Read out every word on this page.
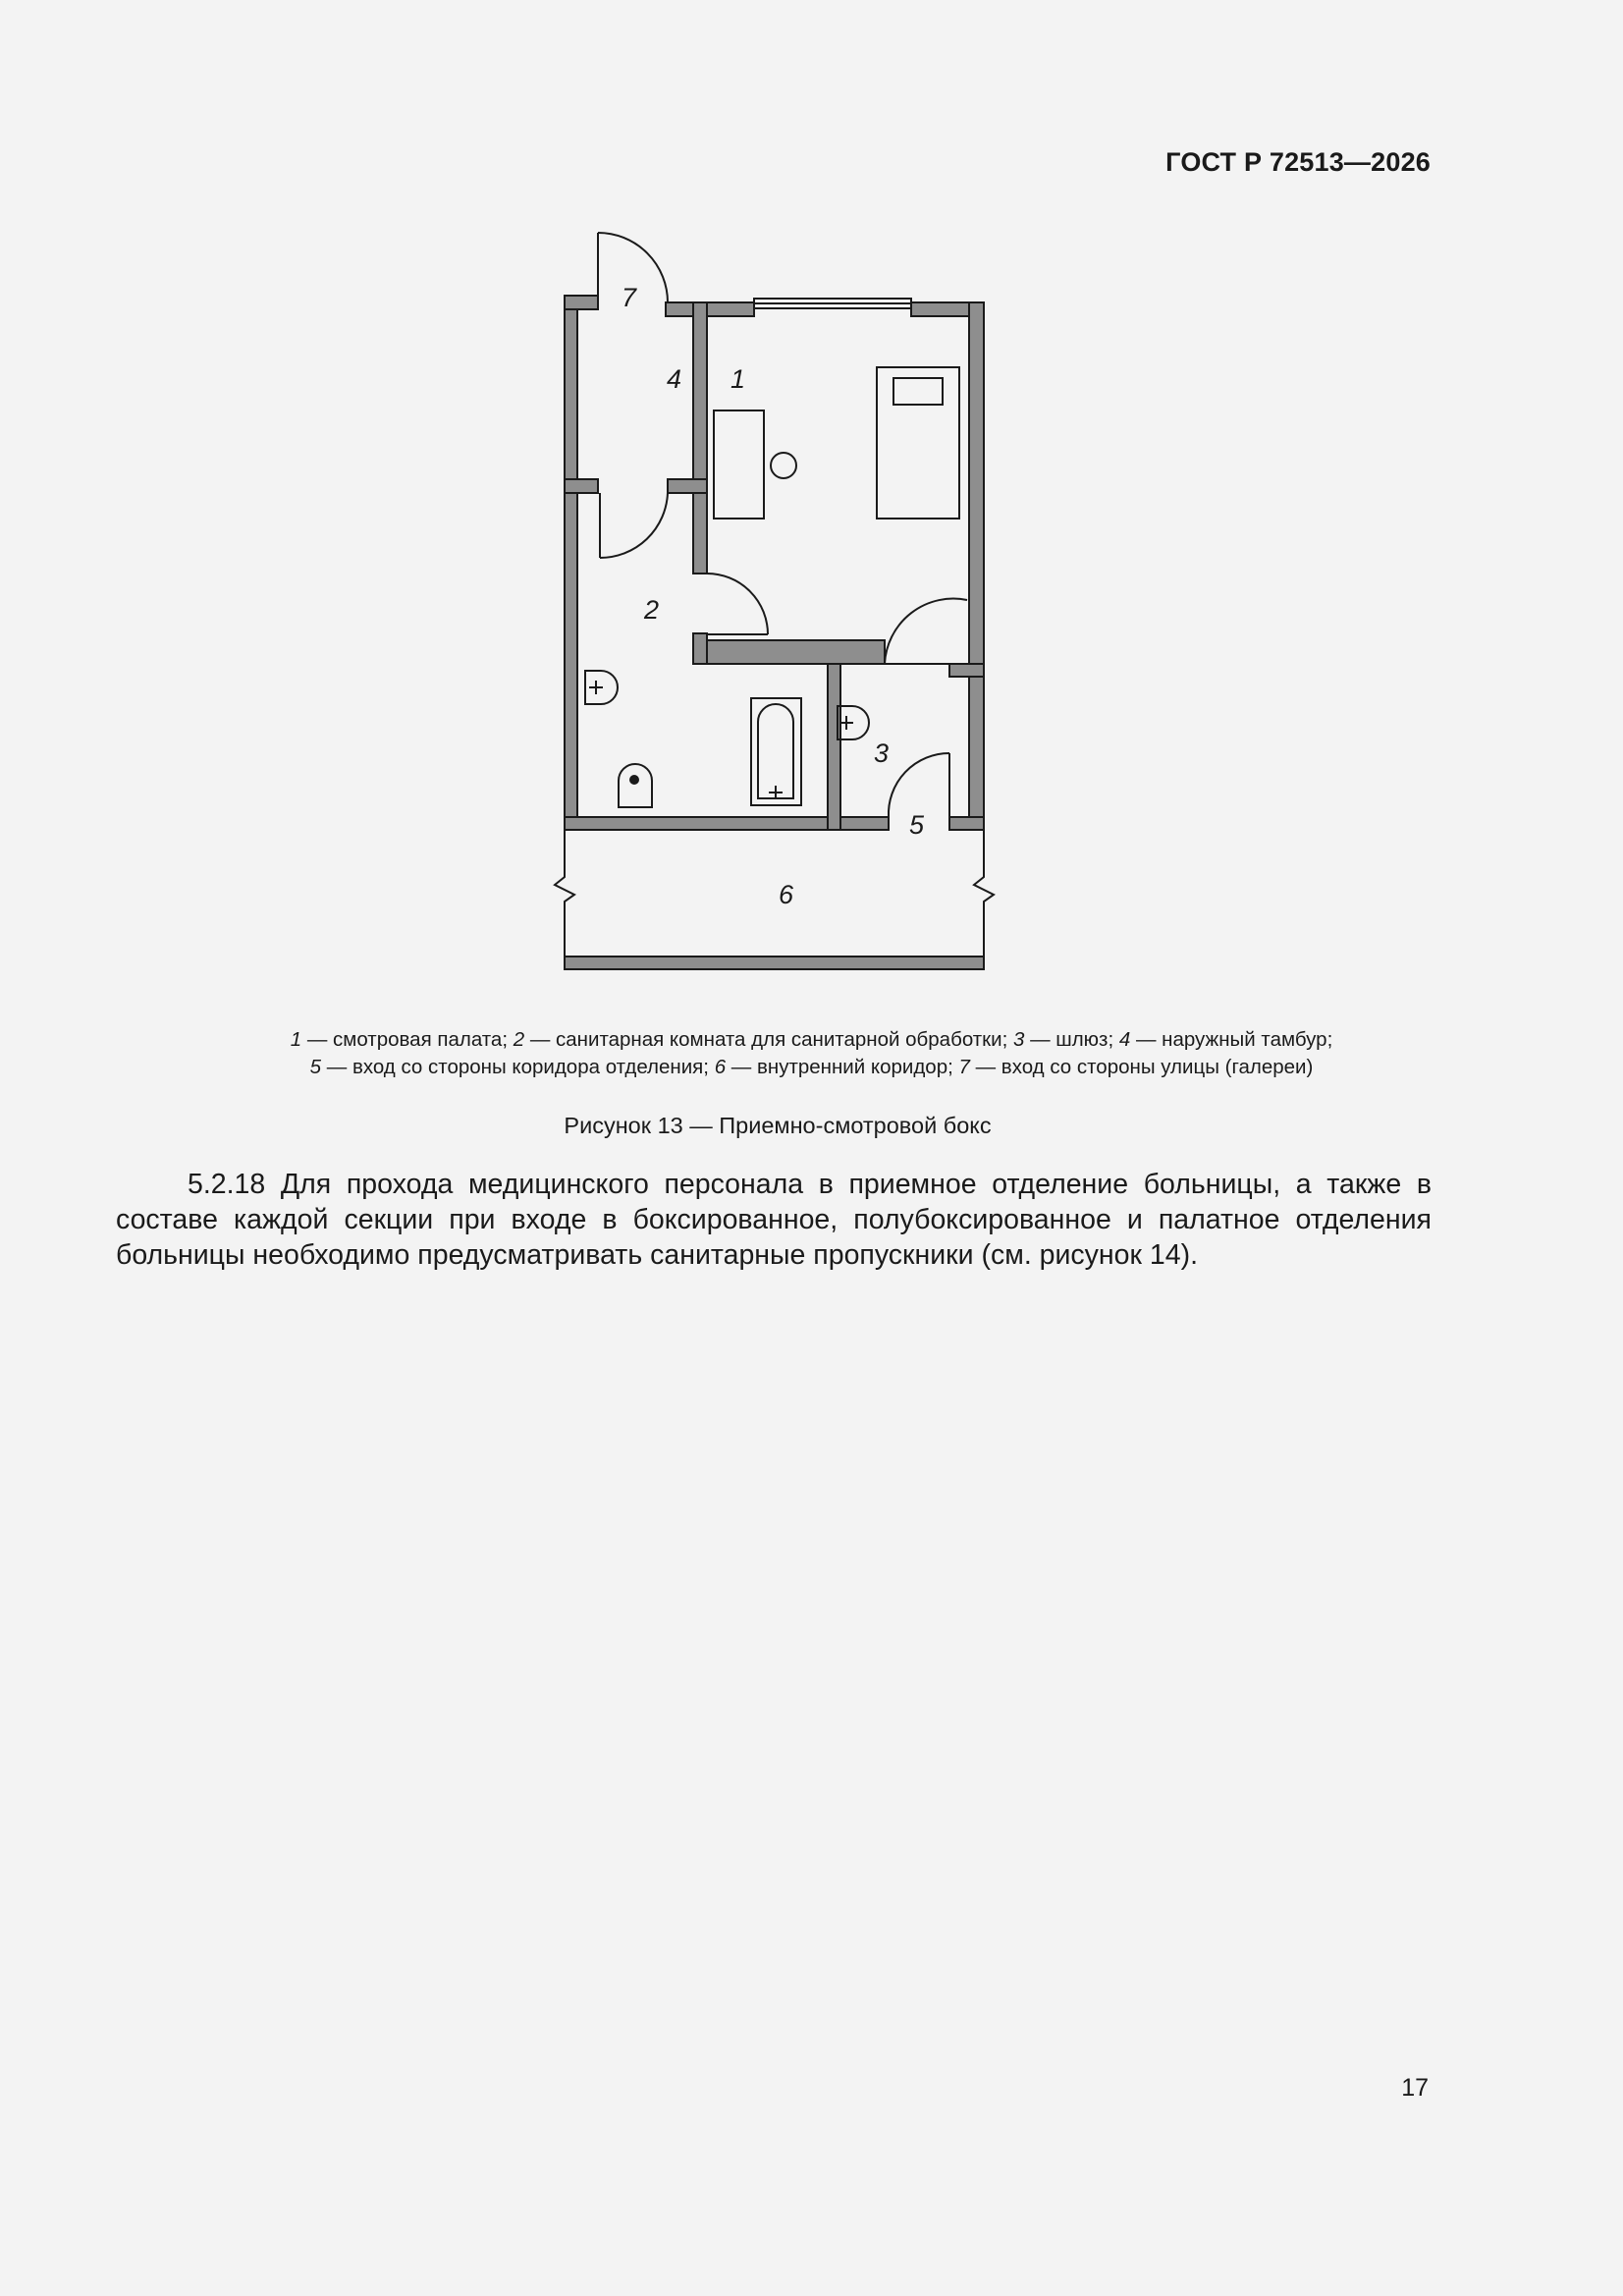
ГОСТ Р 72513—2026
7
4 1
2
3
5
6
1 — смотровая палата; 2 — санитарная комната для санитарной обработки; 3 — шлюз; 4 — наружный тамбур;
5 — вход со стороны коридора отделения; 6 — внутренний коридор; 7 — вход со стороны улицы (галереи)
Рисунок 13 — Приемно-смотровой бокс

5.2.18 Для прохода медицинского персонала в приемное отделение больницы, а также в составе каждой секции при входе в боксированное, полубоксированное и палатное отделения больницы необходимо предусматривать санитарные пропускники (см. рисунок 14).

17
